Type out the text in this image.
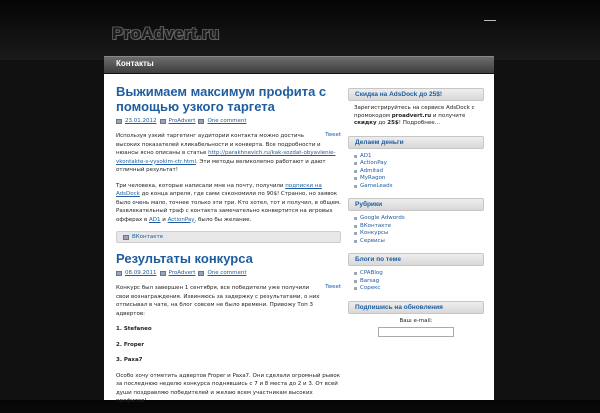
ProAdvert.ru
Контакты
Выжимаем максимум профита с помощью узкого таргета
23.01.2012 ProAdvert One comment
Tweet

Используя узкий таргетинг аудитории контакта можно достичь высоких показателей кликабельности и конверта. Все подробности и нюансы ясно описаны в статье http://parakhnevich.ru/kak-sozdat-obyavlenie-vkontakte-s-vysokim-ctr.html. Эти методы великолепно работают и дают отличный результат!

Три человека, которые написали мне на почту, получили подписки на AdsDock до конца апреля, где сами сэкономили по 90$! Странно, но заявок было очень мало, точнее только эти три. Кто хотел, тот и получил, в общем. Развлекательный траф с контакта замечательно конвертится на игровых офферах в AD1 и ActionPay, было бы желание.

ВКонтакте
Результаты конкурса
08.09.2011 ProAdvert One comment
Tweet

Конкурс был завершен 1 сентября, все победители уже получили свои вознаграждения. Извиняюсь за задержку с результатами, о них отписывал в чате, на блог совсем не было времени. Привожу Топ 3 адвертов:

1. Stefaneo

2. Froper

3. Paxa7

Особо хочу отметить адвертов Froper и Paxa7. Они сделали огромный рывок за последнюю неделю конкурса поднявшись с 7 и 8 места до 2 и 3. От всей души поздравляю победителей и желаю всем участникам высоких профитов!

Скидка на AdsDock до 25$!
Зарегистрируйтесь на сервисе AdsDock с промокодом proadvert.ru и получите скидку до 25$! Подробнее…
Делаем деньги
AD1
ActionPay
Admitad
MyRagon
GameLeads
Рубрики
Google Adwords
ВКонтакте
Конкурсы
Сервисы
Блоги по теме
CPABlog
Barsag
Сорекс
Подпишись на обновления
Ваш e-mail:
